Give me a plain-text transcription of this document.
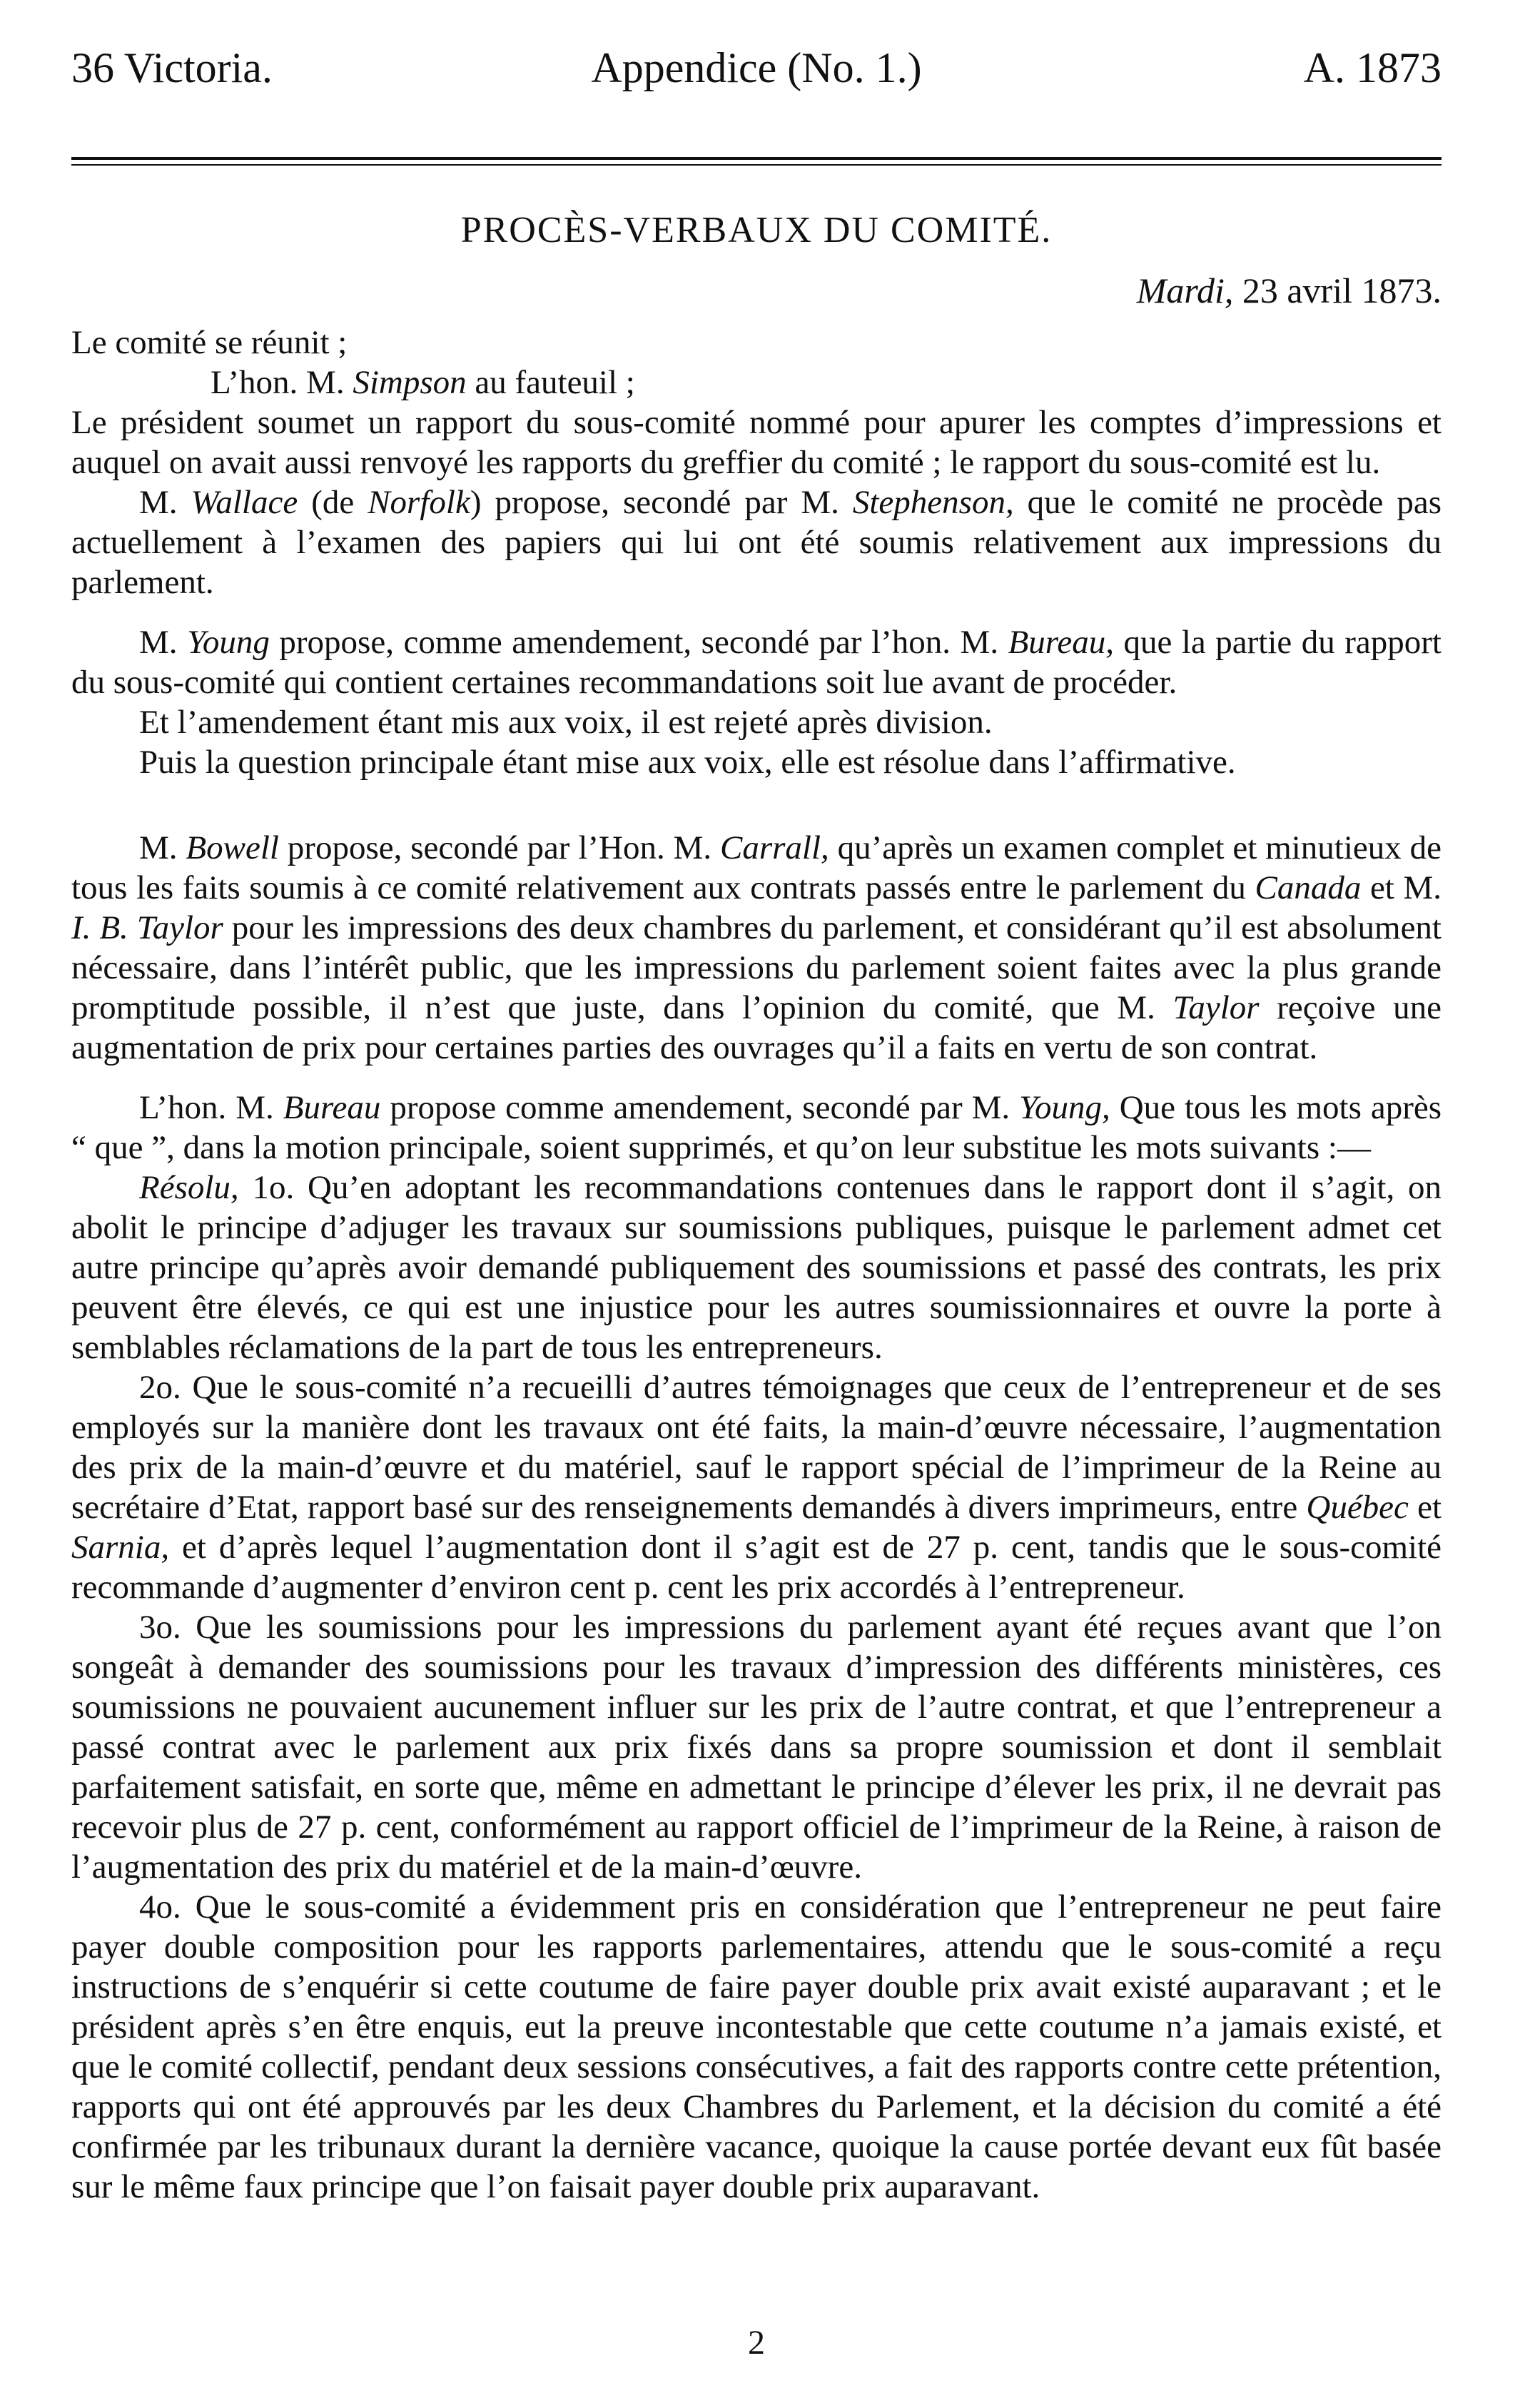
36 Victoria.	Appendice (No. 1.)	A. 1873
PROCÈS-VERBAUX DU COMITÉ.
Mardi, 23 avril 1873.

Le comité se réunit ;

L’hon. M. Simpson au fauteuil ;

Le président soumet un rapport du sous-comité nommé pour apurer les comptes d’impressions et auquel on avait aussi renvoyé les rapports du greffier du comité ; le rapport du sous-comité est lu.

M. Wallace (de Norfolk) propose, secondé par M. Stephenson, que le comité ne procède pas actuellement à l’examen des papiers qui lui ont été soumis relativement aux impressions du parlement.

M. Young propose, comme amendement, secondé par l’hon. M. Bureau, que la partie du rapport du sous-comité qui contient certaines recommandations soit lue avant de procéder.

Et l’amendement étant mis aux voix, il est rejeté après division.

Puis la question principale étant mise aux voix, elle est résolue dans l’affirmative.

M. Bowell propose, secondé par l’Hon. M. Carrall, qu’après un examen complet et minutieux de tous les faits soumis à ce comité relativement aux contrats passés entre le parlement du Canada et M. I. B. Taylor pour les impressions des deux chambres du parlement, et considérant qu’il est absolument nécessaire, dans l’intérêt public, que les impressions du parlement soient faites avec la plus grande promptitude possible, il n’est que juste, dans l’opinion du comité, que M. Taylor reçoive une augmentation de prix pour certaines parties des ouvrages qu’il a faits en vertu de son contrat.

L’hon. M. Bureau propose comme amendement, secondé par M. Young, Que tous les mots après “ que ”, dans la motion principale, soient supprimés, et qu’on leur substitue les mots suivants :—

Résolu, 1o. Qu’en adoptant les recommandations contenues dans le rapport dont il s’agit, on abolit le principe d’adjuger les travaux sur soumissions publiques, puisque le parlement admet cet autre principe qu’après avoir demandé publiquement des soumissions et passé des contrats, les prix peuvent être élevés, ce qui est une injustice pour les autres soumissionnaires et ouvre la porte à semblables réclamations de la part de tous les entrepreneurs.

2o. Que le sous-comité n’a recueilli d’autres témoignages que ceux de l’entrepreneur et de ses employés sur la manière dont les travaux ont été faits, la main-d’œuvre nécessaire, l’augmentation des prix de la main-d’œuvre et du matériel, sauf le rapport spécial de l’imprimeur de la Reine au secrétaire d’Etat, rapport basé sur des renseignements demandés à divers imprimeurs, entre Québec et Sarnia, et d’après lequel l’augmentation dont il s’agit est de 27 p. cent, tandis que le sous-comité recommande d’augmenter d’environ cent p. cent les prix accordés à l’entrepreneur.

3o. Que les soumissions pour les impressions du parlement ayant été reçues avant que l’on songeât à demander des soumissions pour les travaux d’impression des différents ministères, ces soumissions ne pouvaient aucunement influer sur les prix de l’autre contrat, et que l’entrepreneur a passé contrat avec le parlement aux prix fixés dans sa propre soumission et dont il semblait parfaitement satisfait, en sorte que, même en admettant le principe d’élever les prix, il ne devrait pas recevoir plus de 27 p. cent, conformément au rapport officiel de l’imprimeur de la Reine, à raison de l’augmentation des prix du matériel et de la main-d’œuvre.

4o. Que le sous-comité a évidemment pris en considération que l’entrepreneur ne peut faire payer double composition pour les rapports parlementaires, attendu que le sous-comité a reçu instructions de s’enquérir si cette coutume de faire payer double prix avait existé auparavant ; et le président après s’en être enquis, eut la preuve incontestable que cette coutume n’a jamais existé, et que le comité collectif, pendant deux sessions consécutives, a fait des rapports contre cette prétention, rapports qui ont été approuvés par les deux Chambres du Parlement, et la décision du comité a été confirmée par les tribunaux durant la dernière vacance, quoique la cause portée devant eux fût basée sur le même faux principe que l’on faisait payer double prix auparavant.

2
